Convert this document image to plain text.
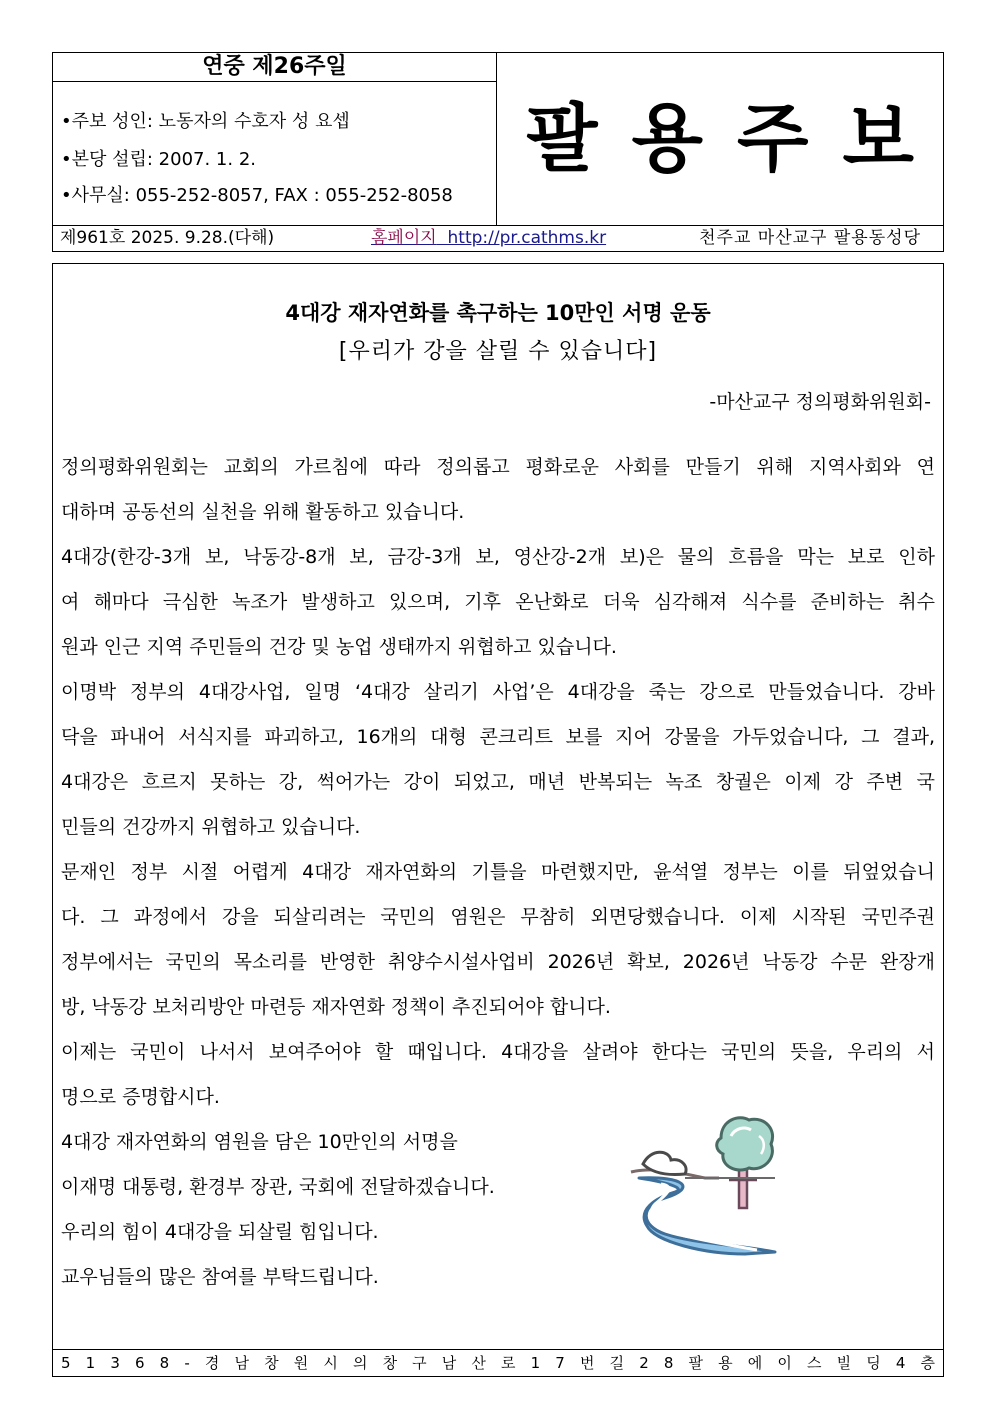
연중 제26주일
•주보 성인: 노동자의 수호자 성 요셉
•본당 설립: 2007. 1. 2.
•사무실: 055-252-8057, FAX : 055-252-8058
팔용주보
제961호 2025. 9.28.(다해)	홈페이지 http://pr.cathms.kr	천주교 마산교구 팔용동성당
4대강 재자연화를 촉구하는 10만인 서명 운동
[우리가 강을 살릴 수 있습니다]
-마산교구 정의평화위원회-
정의평화위원회는 교회의 가르침에 따라 정의롭고 평화로운 사회를 만들기 위해 지역사회와 연
대하며 공동선의 실천을 위해 활동하고 있습니다.
4대강(한강-3개 보, 낙동강-8개 보, 금강-3개 보, 영산강-2개 보)은 물의 흐름을 막는 보로 인하
여 해마다 극심한 녹조가 발생하고 있으며, 기후 온난화로 더욱 심각해져 식수를 준비하는 취수
원과 인근 지역 주민들의 건강 및 농업 생태까지 위협하고 있습니다.
이명박 정부의 4대강사업, 일명 ‘4대강 살리기 사업’은 4대강을 죽는 강으로 만들었습니다. 강바
닥을 파내어 서식지를 파괴하고, 16개의 대형 콘크리트 보를 지어 강물을 가두었습니다, 그 결과,
4대강은 흐르지 못하는 강, 썩어가는 강이 되었고, 매년 반복되는 녹조 창궐은 이제 강 주변 국
민들의 건강까지 위협하고 있습니다.
문재인 정부 시절 어렵게 4대강 재자연화의 기틀을 마련했지만, 윤석열 정부는 이를 뒤엎었습니
다. 그 과정에서 강을 되살리려는 국민의 염원은 무참히 외면당했습니다. 이제 시작된 국민주권
정부에서는 국민의 목소리를 반영한 취양수시설사업비 2026년 확보, 2026년 낙동강 수문 완장개
방, 낙동강 보처리방안 마련등 재자연화 정책이 추진되어야 합니다.
이제는 국민이 나서서 보여주어야 할 때입니다. 4대강을 살려야 한다는 국민의 뜻을, 우리의 서
명으로 증명합시다.
4대강 재자연화의 염원을 담은 10만인의 서명을
이재명 대통령, 환경부 장관, 국회에 전달하겠습니다.
우리의 힘이 4대강을 되살릴 힘입니다.
교우님들의 많은 참여를 부탁드립니다.
5 1 3 6 8 - 경 남 창 원 시 의 창 구 남 산 로 1 7 번 길 2 8 팔 용 에 이 스 빌 딩 4 층
